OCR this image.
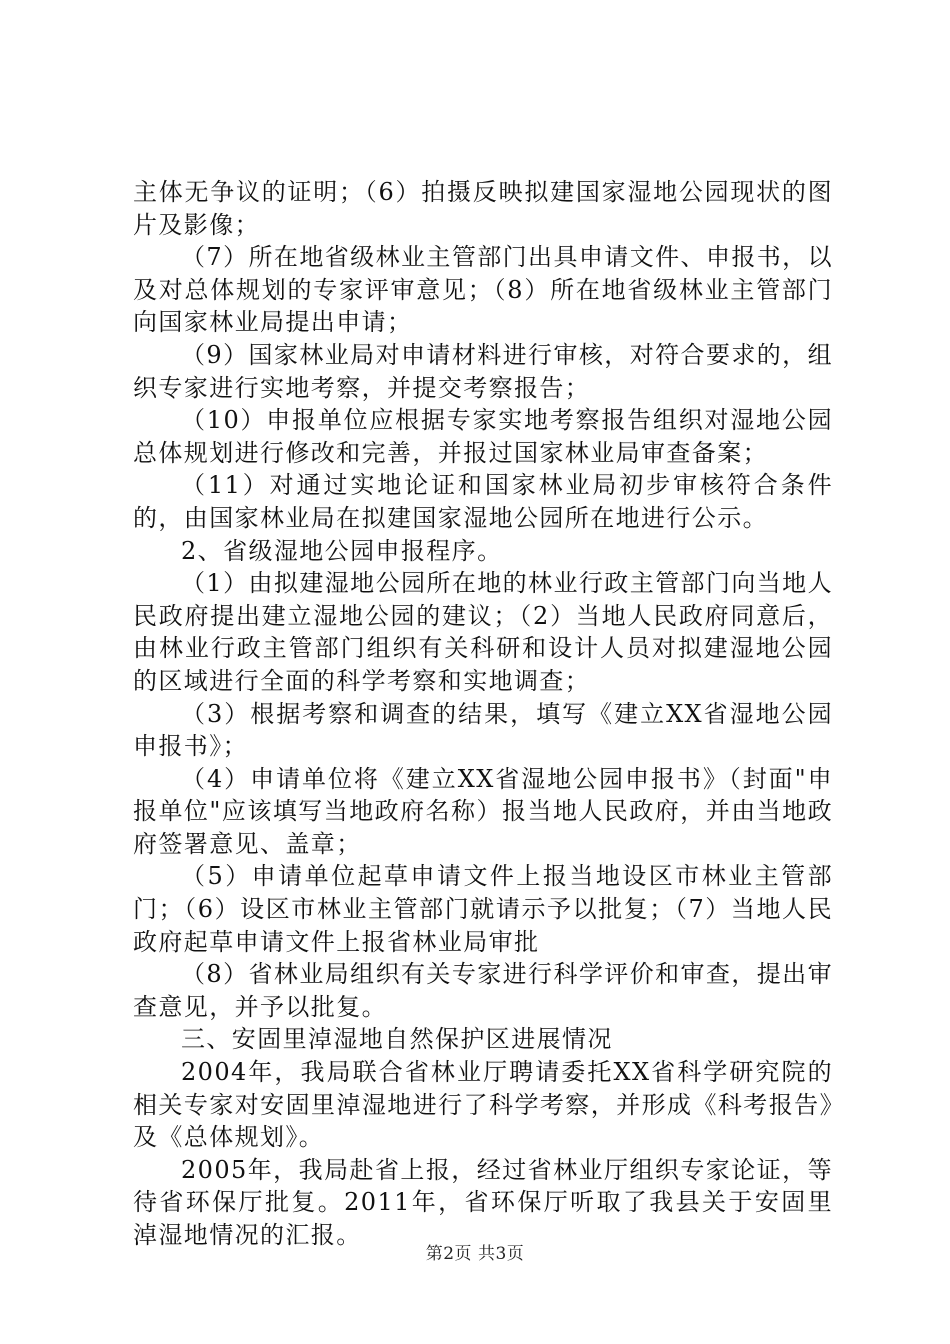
主体无争议的证明；（6）拍摄反映拟建国家湿地公园现状的图片及影像；

（7）所在地省级林业主管部门出具申请文件、申报书，以及对总体规划的专家评审意见；（8）所在地省级林业主管部门向国家林业局提出申请；

（9）国家林业局对申请材料进行审核，对符合要求的，组织专家进行实地考察，并提交考察报告；

（10）申报单位应根据专家实地考察报告组织对湿地公园总体规划进行修改和完善，并报过国家林业局审查备案；

（11）对通过实地论证和国家林业局初步审核符合条件的，由国家林业局在拟建国家湿地公园所在地进行公示。

2、省级湿地公园申报程序。

（1）由拟建湿地公园所在地的林业行政主管部门向当地人民政府提出建立湿地公园的建议；（2）当地人民政府同意后，由林业行政主管部门组织有关科研和设计人员对拟建湿地公园的区域进行全面的科学考察和实地调查；

（3）根据考察和调查的结果，填写《建立XX省湿地公园申报书》；

（4）申请单位将《建立XX省湿地公园申报书》（封面"申报单位"应该填写当地政府名称）报当地人民政府，并由当地政府签署意见、盖章；

（5）申请单位起草申请文件上报当地设区市林业主管部门；（6）设区市林业主管部门就请示予以批复；（7）当地人民政府起草申请文件上报省林业局审批

（8）省林业局组织有关专家进行科学评价和审查，提出审查意见，并予以批复。

三、安固里淖湿地自然保护区进展情况

2004年，我局联合省林业厅聘请委托XX省科学研究院的相关专家对安固里淖湿地进行了科学考察，并形成《科考报告》及《总体规划》。

2005年，我局赴省上报，经过省林业厅组织专家论证，等待省环保厅批复。2011年，省环保厅听取了我县关于安固里淖湿地情况的汇报。

第2页 共3页
